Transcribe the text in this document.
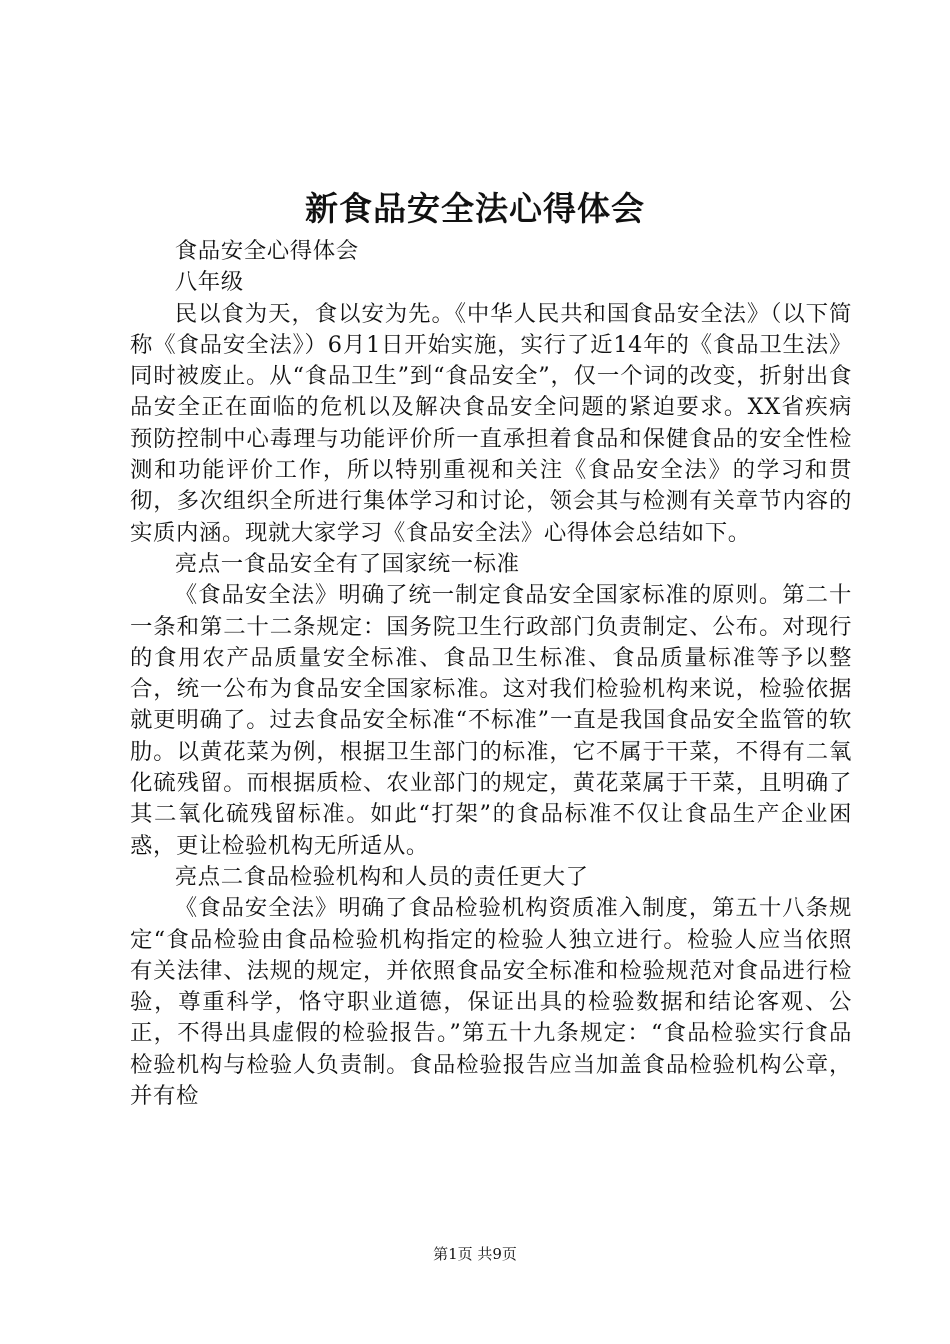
新食品安全法心得体会

食品安全心得体会

八年级

民以食为天，食以安为先。《中华人民共和国食品安全法》（以下简称《食品安全法》）6月1日开始实施，实行了近14年的《食品卫生法》同时被废止。从“食品卫生”到“食品安全”，仅一个词的改变，折射出食品安全正在面临的危机以及解决食品安全问题的紧迫要求。XX省疾病预防控制中心毒理与功能评价所一直承担着食品和保健食品的安全性检测和功能评价工作，所以特别重视和关注《食品安全法》的学习和贯彻，多次组织全所进行集体学习和讨论，领会其与检测有关章节内容的实质内涵。现就大家学习《食品安全法》心得体会总结如下。

亮点一食品安全有了国家统一标准

《食品安全法》明确了统一制定食品安全国家标准的原则。第二十一条和第二十二条规定：国务院卫生行政部门负责制定、公布。对现行的食用农产品质量安全标准、食品卫生标准、食品质量标准等予以整合，统一公布为食品安全国家标准。这对我们检验机构来说，检验依据就更明确了。过去食品安全标准“不标准”一直是我国食品安全监管的软肋。以黄花菜为例，根据卫生部门的标准，它不属于干菜，不得有二氧化硫残留。而根据质检、农业部门的规定，黄花菜属于干菜，且明确了其二氧化硫残留标准。如此“打架”的食品标准不仅让食品生产企业困惑，更让检验机构无所适从。

亮点二食品检验机构和人员的责任更大了

《食品安全法》明确了食品检验机构资质准入制度，第五十八条规定“食品检验由食品检验机构指定的检验人独立进行。检验人应当依照有关法律、法规的规定，并依照食品安全标准和检验规范对食品进行检验，尊重科学，恪守职业道德，保证出具的检验数据和结论客观、公正，不得出具虚假的检验报告。”第五十九条规定：“食品检验实行食品检验机构与检验人负责制。食品检验报告应当加盖食品检验机构公章，并有检

第1页 共9页
